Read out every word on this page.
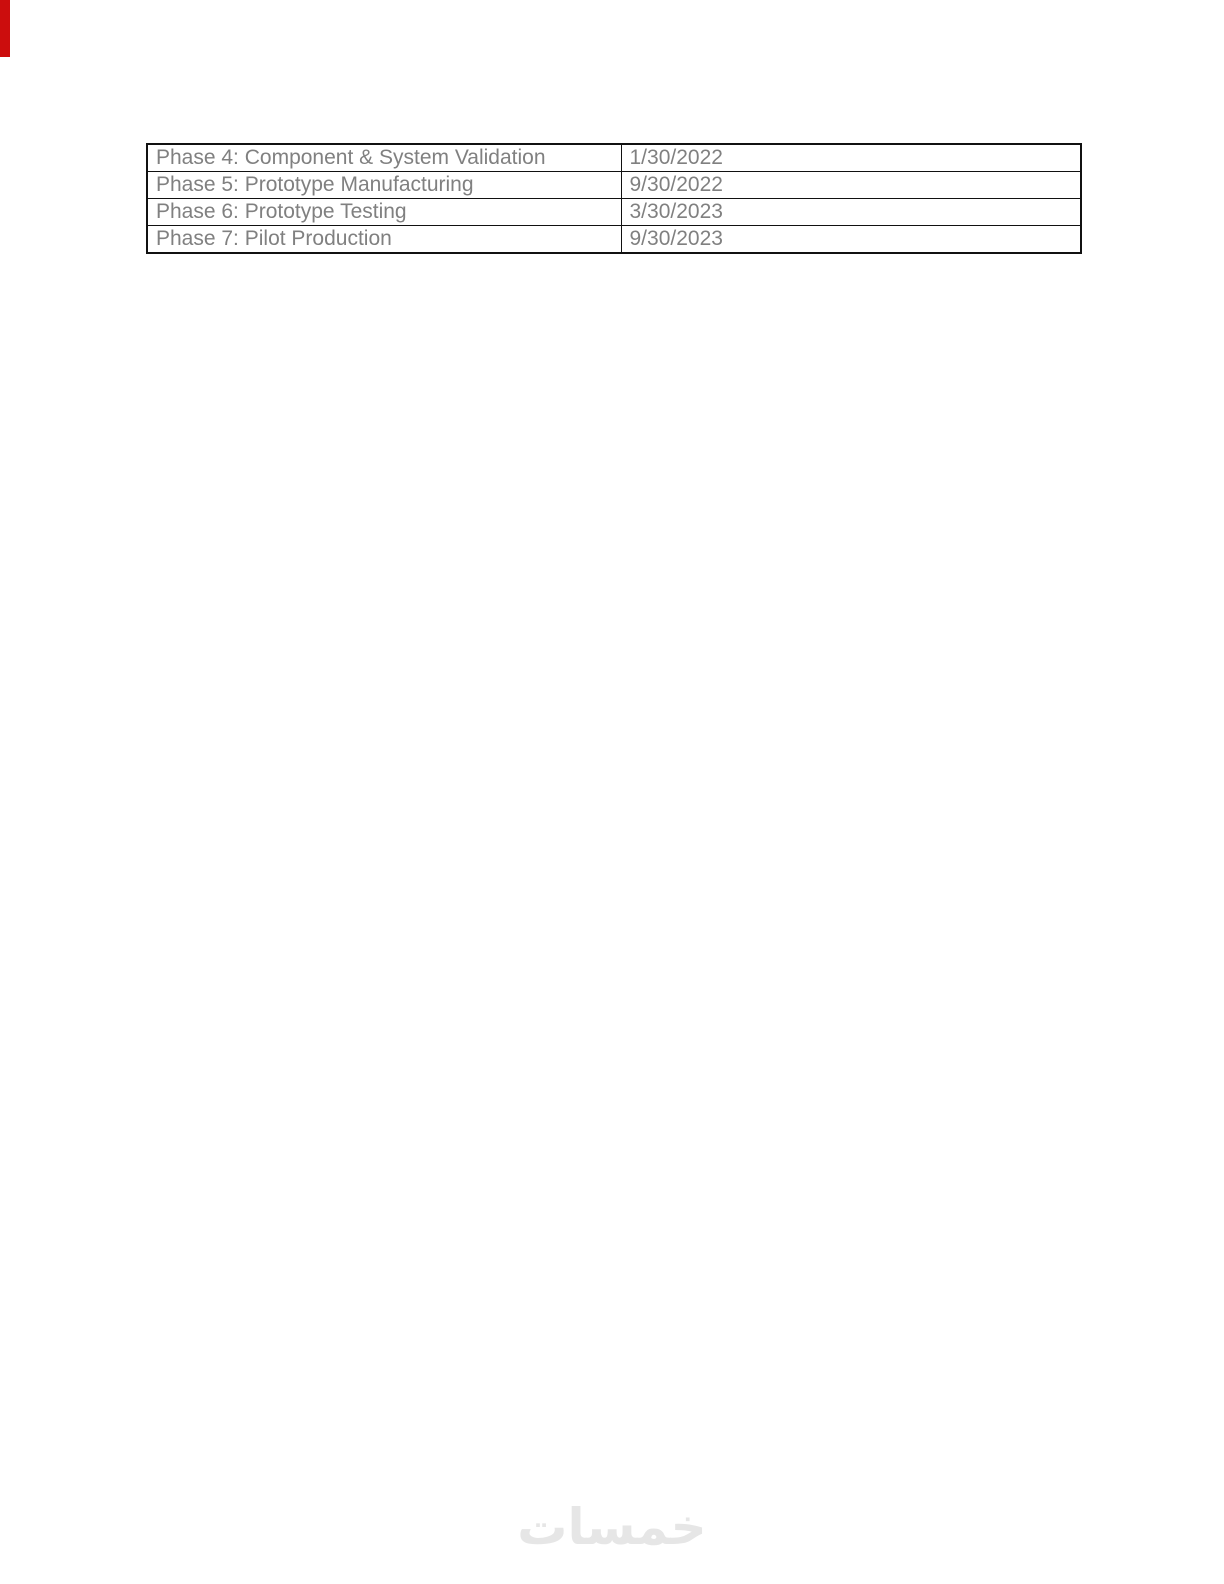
Phase 4: Component & System Validation	1/30/2022
Phase 5: Prototype Manufacturing	9/30/2022
Phase 6: Prototype Testing	3/30/2023
Phase 7: Pilot Production	9/30/2023
خمسات
